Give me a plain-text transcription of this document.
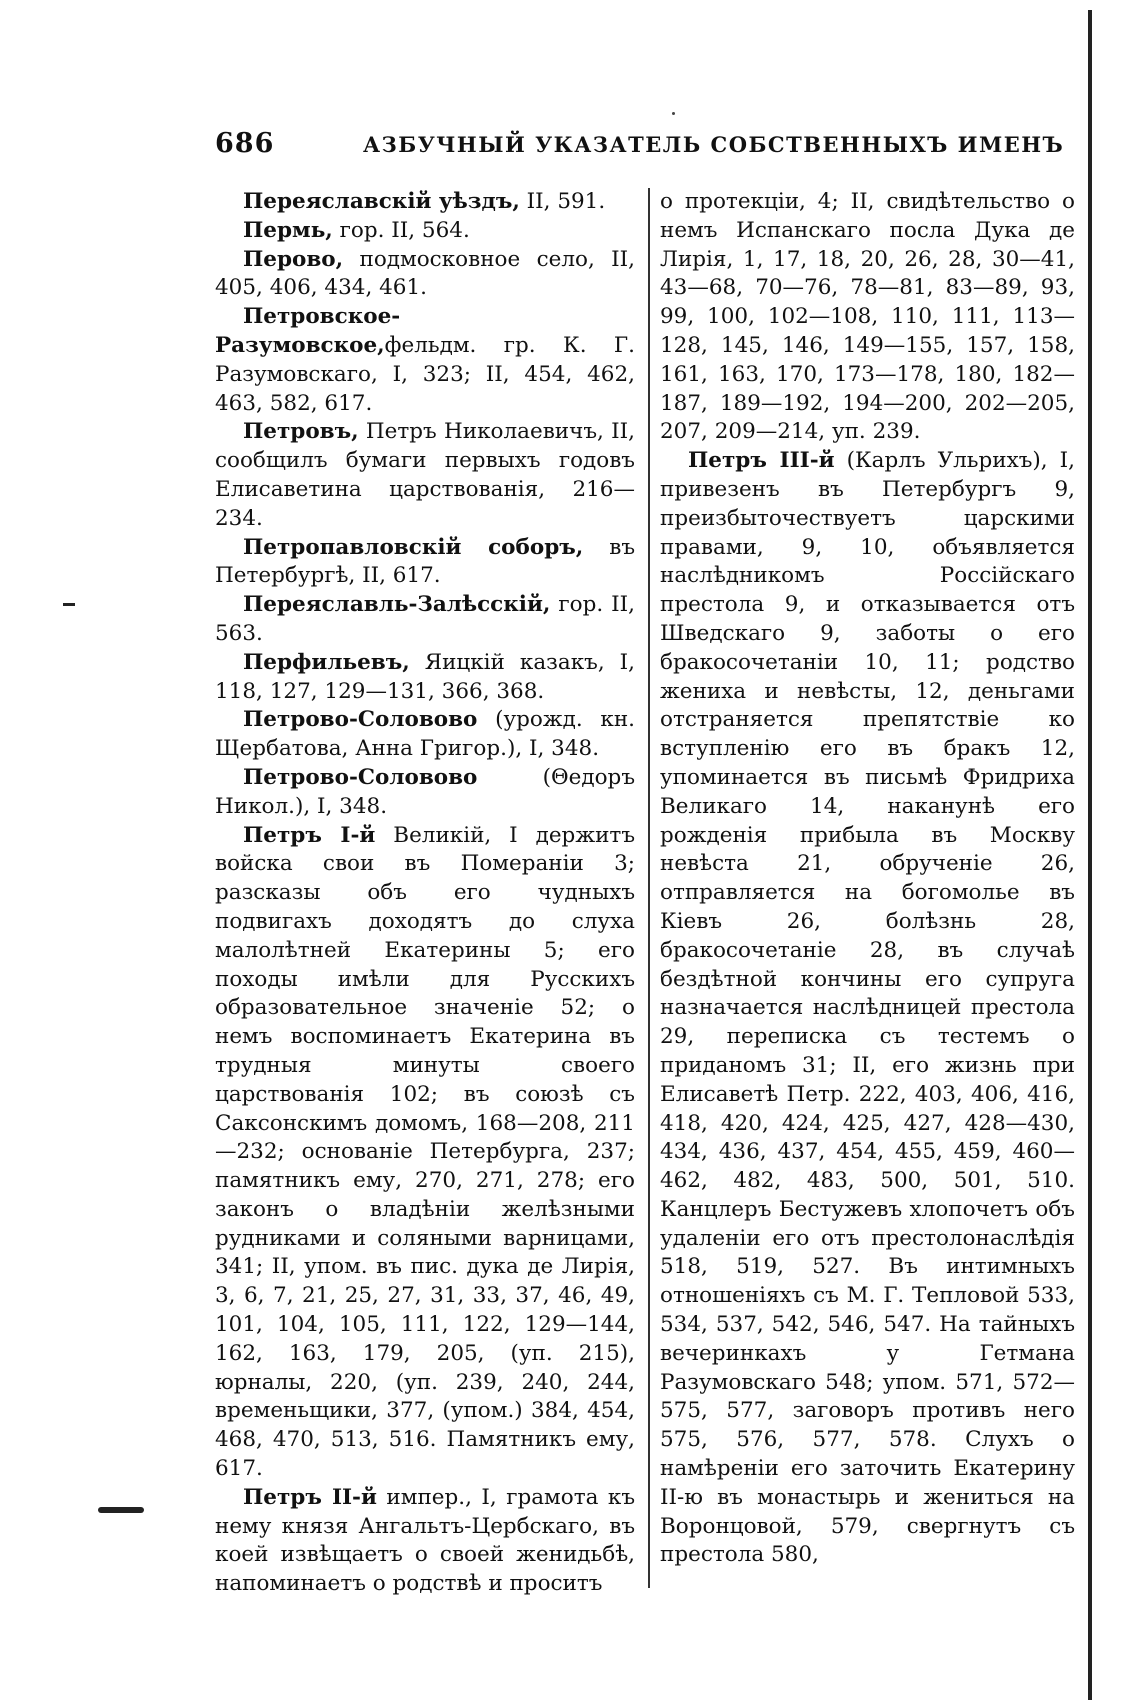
686	АЗБУЧНЫЙ УКАЗАТЕЛЬ СОБСТВЕННЫХЪ ИМЕНЪ

Переяславскій уѣздъ, II, 591.

Пермь, гор. II, 564.

Перово, подмосковное село, II, 405, 406, 434, 461.

Петровское-Разумовское,фельдм. гр. К. Г. Разумовскаго, I, 323; II, 454, 462, 463, 582, 617.

Петровъ, Петръ Николаевичъ, II, сообщилъ бумаги первыхъ годовъ Елисаветина царствованія, 216—234.

Петропавловскій соборъ, въ Петербургѣ, II, 617.

Переяславль-Залѣсскій, гор. II, 563.

Перфильевъ, Яицкій казакъ, I, 118, 127, 129—131, 366, 368.

Петрово-Соловово (урожд. кн. Щербатова, Анна Григор.), I, 348.

Петрово-Соловово (Θедоръ Никол.), I, 348.

Петръ I-й Великій, I держитъ войска свои въ Помераніи 3; разсказы объ его чудныхъ подвигахъ доходятъ до слуха малолѣтней Екатерины 5; его походы имѣли для Русскихъ образовательное значеніе 52; о немъ воспоминаетъ Екатерина въ трудныя минуты своего царствованія 102; въ союзѣ съ Саксонскимъ домомъ, 168—208, 211—232; основаніе Петербурга, 237; памятникъ ему, 270, 271, 278; его законъ о владѣніи желѣзными рудниками и соляными варницами, 341; II, упом. въ пис. дука де Лирія, 3, 6, 7, 21, 25, 27, 31, 33, 37, 46, 49, 101, 104, 105, 111, 122, 129—144, 162, 163, 179, 205, (уп. 215), юрналы, 220, (уп. 239, 240, 244, временьщики, 377, (упом.) 384, 454, 468, 470, 513, 516. Памятникъ ему, 617.

Петръ II-й импер., I, грамота къ нему князя Ангальтъ-Цербскаго, въ коей извѣщаетъ о своей женидьбѣ, напоминаетъ о родствѣ и проситъ

о протекціи, 4; II, свидѣтельство о немъ Испанскаго посла Дука де Лирія, 1, 17, 18, 20, 26, 28, 30—41, 43—68, 70—76, 78—81, 83—89, 93, 99, 100, 102—108, 110, 111, 113—128, 145, 146, 149—155, 157, 158, 161, 163, 170, 173—178, 180, 182—187, 189—192, 194—200, 202—205, 207, 209—214, уп. 239.

Петръ III-й (Карлъ Ульрихъ), I, привезенъ въ Петербургъ 9, преизбыточествуетъ царскими правами, 9, 10, объявляется наслѣдникомъ Россійскаго престола 9, и отказывается отъ Шведскаго 9, заботы о его бракосочетаніи 10, 11; родство жениха и невѣсты, 12, деньгами отстраняется препятствіе ко вступленію его въ бракъ 12, упоминается въ письмѣ Фридриха Великаго 14, наканунѣ его рожденія прибыла въ Москву невѣста 21, обрученіе 26, отправляется на богомолье въ Кіевъ 26, болѣзнь 28, бракосочетаніе 28, въ случаѣ бездѣтной кончины его супруга назначается наслѣдницей престола 29, переписка съ тестемъ о приданомъ 31; II, его жизнь при Елисаветѣ Петр. 222, 403, 406, 416, 418, 420, 424, 425, 427, 428—430, 434, 436, 437, 454, 455, 459, 460—462, 482, 483, 500, 501, 510. Канцлеръ Бестужевъ хлопочетъ объ удаленіи его отъ престолонаслѣдія 518, 519, 527. Въ интимныхъ отношеніяхъ съ М. Г. Тепловой 533, 534, 537, 542, 546, 547. На тайныхъ вечеринкахъ у Гетмана Разумовскаго 548; упом. 571, 572—575, 577, заговоръ противъ него 575, 576, 577, 578. Слухъ о намѣреніи его заточить Екатерину II-ю въ монастырь и жениться на Воронцовой, 579, свергнутъ съ престола 580,
